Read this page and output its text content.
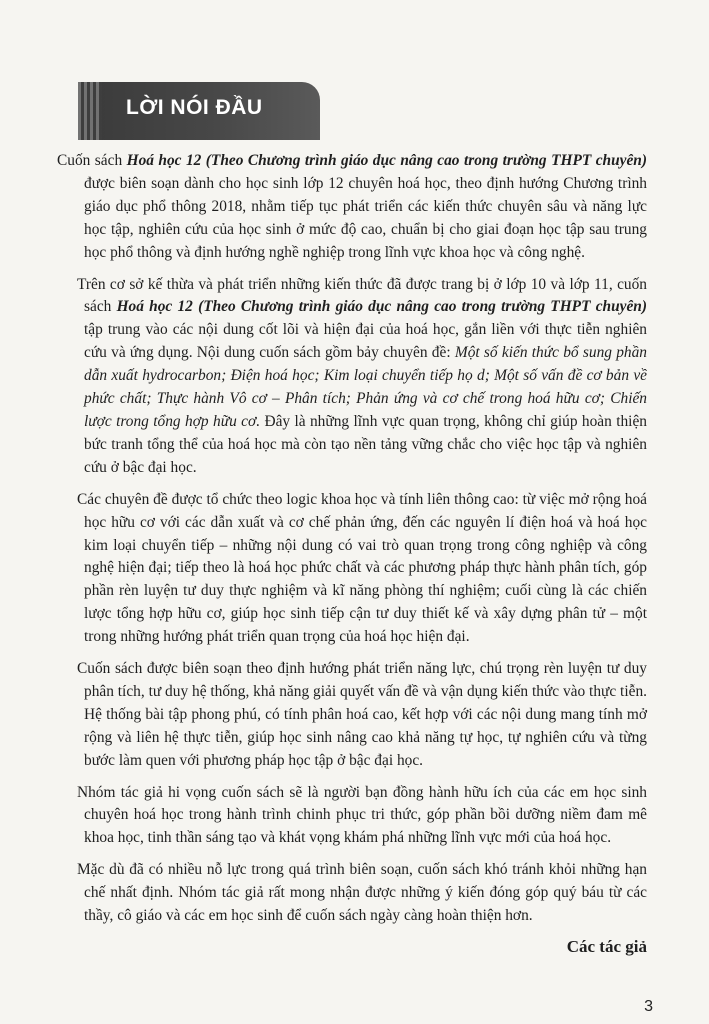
LỜI NÓI ĐẦU

Cuốn sách Hoá học 12 (Theo Chương trình giáo dục nâng cao trong trường THPT chuyên) được biên soạn dành cho học sinh lớp 12 chuyên hoá học, theo định hướng Chương trình giáo dục phổ thông 2018, nhằm tiếp tục phát triển các kiến thức chuyên sâu và năng lực học tập, nghiên cứu của học sinh ở mức độ cao, chuẩn bị cho giai đoạn học tập sau trung học phổ thông và định hướng nghề nghiệp trong lĩnh vực khoa học và công nghệ.

Trên cơ sở kế thừa và phát triển những kiến thức đã được trang bị ở lớp 10 và lớp 11, cuốn sách Hoá học 12 (Theo Chương trình giáo dục nâng cao trong trường THPT chuyên) tập trung vào các nội dung cốt lõi và hiện đại của hoá học, gắn liền với thực tiễn nghiên cứu và ứng dụng. Nội dung cuốn sách gồm bảy chuyên đề: Một số kiến thức bổ sung phần dẫn xuất hydrocarbon; Điện hoá học; Kim loại chuyển tiếp họ d; Một số vấn đề cơ bản về phức chất; Thực hành Vô cơ – Phân tích; Phản ứng và cơ chế trong hoá hữu cơ; Chiến lược trong tổng hợp hữu cơ. Đây là những lĩnh vực quan trọng, không chỉ giúp hoàn thiện bức tranh tổng thể của hoá học mà còn tạo nền tảng vững chắc cho việc học tập và nghiên cứu ở bậc đại học.

Các chuyên đề được tổ chức theo logic khoa học và tính liên thông cao: từ việc mở rộng hoá học hữu cơ với các dẫn xuất và cơ chế phản ứng, đến các nguyên lí điện hoá và hoá học kim loại chuyển tiếp – những nội dung có vai trò quan trọng trong công nghiệp và công nghệ hiện đại; tiếp theo là hoá học phức chất và các phương pháp thực hành phân tích, góp phần rèn luyện tư duy thực nghiệm và kĩ năng phòng thí nghiệm; cuối cùng là các chiến lược tổng hợp hữu cơ, giúp học sinh tiếp cận tư duy thiết kế và xây dựng phân tử – một trong những hướng phát triển quan trọng của hoá học hiện đại.

Cuốn sách được biên soạn theo định hướng phát triển năng lực, chú trọng rèn luyện tư duy phân tích, tư duy hệ thống, khả năng giải quyết vấn đề và vận dụng kiến thức vào thực tiễn. Hệ thống bài tập phong phú, có tính phân hoá cao, kết hợp với các nội dung mang tính mở rộng và liên hệ thực tiễn, giúp học sinh nâng cao khả năng tự học, tự nghiên cứu và từng bước làm quen với phương pháp học tập ở bậc đại học.

Nhóm tác giả hi vọng cuốn sách sẽ là người bạn đồng hành hữu ích của các em học sinh chuyên hoá học trong hành trình chinh phục tri thức, góp phần bồi dưỡng niềm đam mê khoa học, tinh thần sáng tạo và khát vọng khám phá những lĩnh vực mới của hoá học.

Mặc dù đã có nhiều nỗ lực trong quá trình biên soạn, cuốn sách khó tránh khỏi những hạn chế nhất định. Nhóm tác giả rất mong nhận được những ý kiến đóng góp quý báu từ các thầy, cô giáo và các em học sinh để cuốn sách ngày càng hoàn thiện hơn.

Các tác giả
3
